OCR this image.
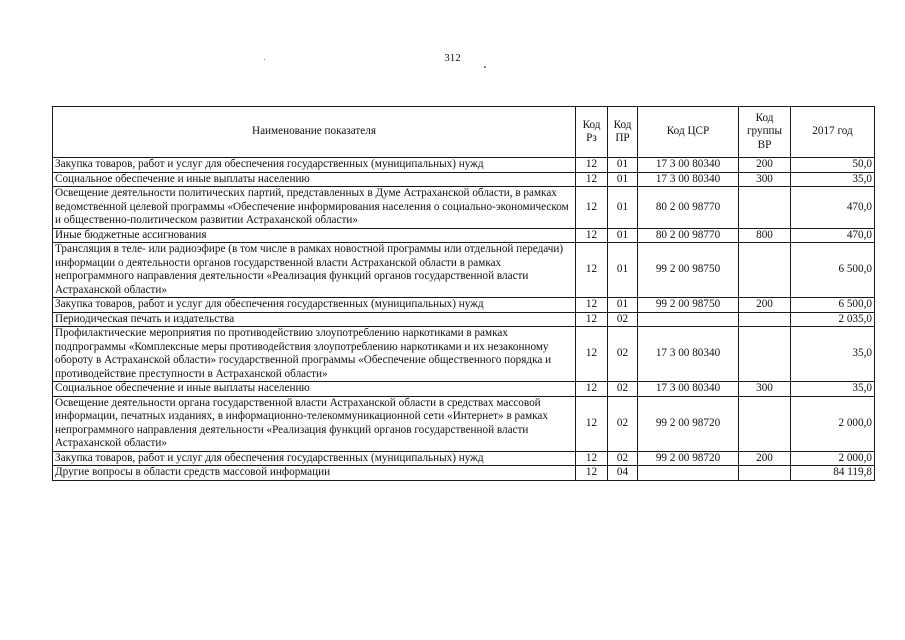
312
Наименование показателя	Код Рз	Код ПР	Код ЦСР	Код группы ВР	2017 год
Закупка товаров, работ и услуг для обеспечения государственных (муниципальных) нужд	12	01	17 3 00 80340	200	50,0
Социальное обеспечение и иные выплаты населению	12	01	17 3 00 80340	300	35,0
Освещение деятельности политических партий, представленных в Думе Астраханской области, в рамках ведомственной целевой программы «Обеспечение информирования населения о социально-экономическом и общественно-политическом развитии Астраханской области»	12	01	80 2 00 98770		470,0
Иные бюджетные ассигнования	12	01	80 2 00 98770	800	470,0
Трансляция в теле- или радиоэфире (в том числе в рамках новостной программы или отдельной передачи) информации о деятельности органов государственной власти Астраханской области в рамках непрограммного направления деятельности «Реализация функций органов государственной власти Астраханской области»	12	01	99 2 00 98750		6 500,0
Закупка товаров, работ и услуг для обеспечения государственных (муниципальных) нужд	12	01	99 2 00 98750	200	6 500,0
Периодическая печать и издательства	12	02			2 035,0
Профилактические мероприятия по противодействию злоупотреблению наркотиками в рамках подпрограммы «Комплексные меры противодействия злоупотреблению наркотиками и их незаконному обороту в Астраханской области» государственной программы «Обеспечение общественного порядка и противодействие преступности в Астраханской области»	12	02	17 3 00 80340		35,0
Социальное обеспечение и иные выплаты населению	12	02	17 3 00 80340	300	35,0
Освещение деятельности органа государственной власти Астраханской области в средствах массовой информации, печатных изданиях, в информационно-телекоммуникационной сети «Интернет» в рамках непрограммного направления деятельности «Реализация функций органов государственной власти Астраханской области»	12	02	99 2 00 98720		2 000,0
Закупка товаров, работ и услуг для обеспечения государственных (муниципальных) нужд	12	02	99 2 00 98720	200	2 000,0
Другие вопросы в области средств массовой информации	12	04			84 119,8
